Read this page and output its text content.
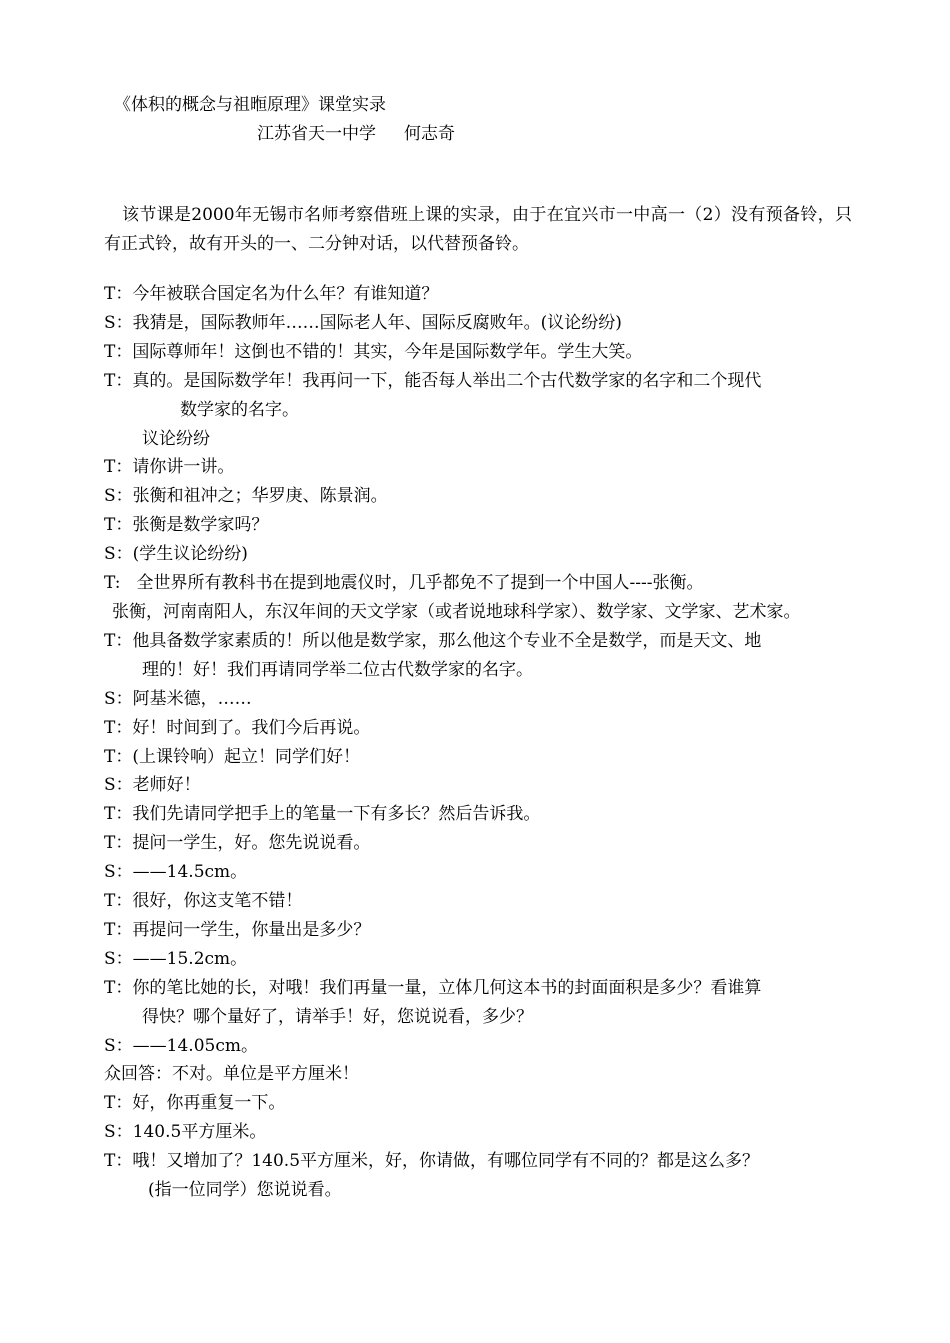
《体积的概念与祖暅原理》课堂实录
江苏省天一中学 何志奇
该节课是2000年无锡市名师考察借班上课的实录，由于在宜兴市一中高一（2）没有预备铃，只有正式铃，故有开头的一、二分钟对话，以代替预备铃。
T： 今年被联合国定名为什么年？有谁知道？
S： 我猜是，国际教师年……国际老人年、国际反腐败年。(议论纷纷)
T： 国际尊师年！这倒也不错的！其实，今年是国际数学年。学生大笑。
T： 真的。是国际数学年！我再问一下，能否每人举出二个古代数学家的名字和二个现代
数学家的名字。
议论纷纷
T： 请你讲一讲。
S： 张衡和祖冲之；华罗庚、陈景润。
T： 张衡是数学家吗？
S： (学生议论纷纷)
T: 全世界所有教科书在提到地震仪时，几乎都免不了提到一个中国人----张衡。
张衡，河南南阳人，东汉年间的天文学家（或者说地球科学家）、数学家、文学家、艺术家。
T： 他具备数学家素质的！所以他是数学家，那么他这个专业不全是数学，而是天文、地
理的！好！我们再请同学举二位古代数学家的名字。
S： 阿基米德，……
T： 好！时间到了。我们今后再说。
T： (上课铃响）起立！同学们好！
S： 老师好！
T： 我们先请同学把手上的笔量一下有多长？然后告诉我。
T： 提问一学生，好。您先说说看。
S： ——14.5cm。
T： 很好，你这支笔不错！
T： 再提问一学生，你量出是多少？
S： ——15.2cm。
T： 你的笔比她的长，对哦！我们再量一量，立体几何这本书的封面面积是多少？看谁算
得快？哪个量好了，请举手！好，您说说看，多少？
S： ——14.05cm。
众回答： 不对。单位是平方厘米！
T： 好，你再重复一下。
S： 140.5平方厘米。
T： 哦！又增加了？140.5平方厘米，好，你请做，有哪位同学有不同的？都是这么多？
(指一位同学）您说说看。
